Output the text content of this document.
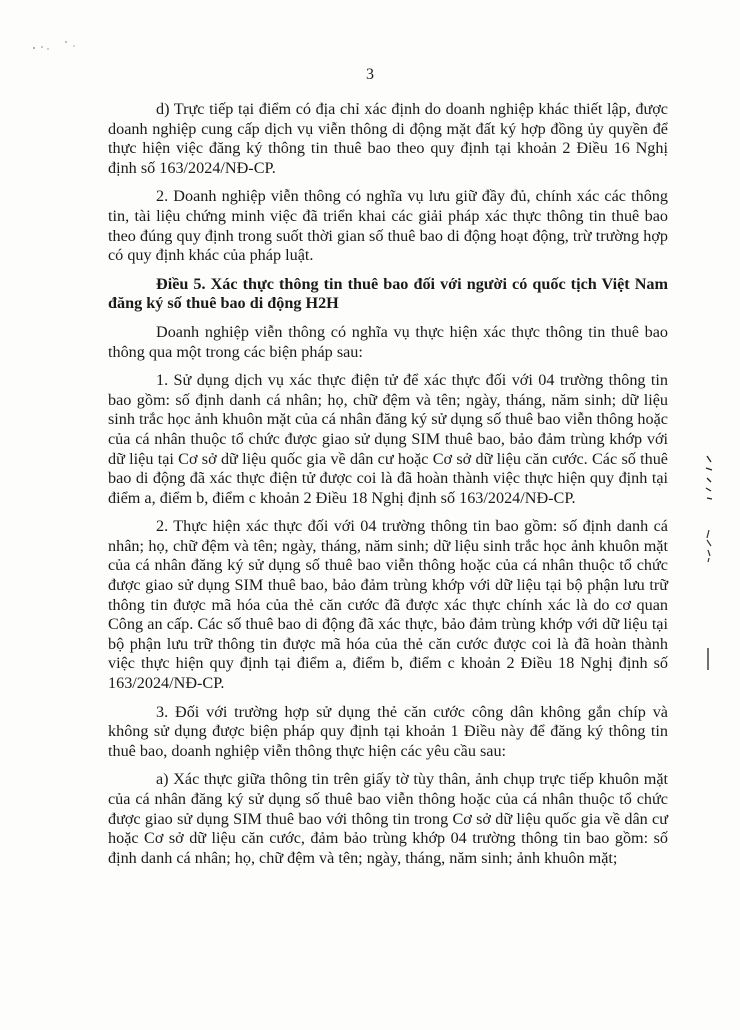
3

d) Trực tiếp tại điểm có địa chỉ xác định do doanh nghiệp khác thiết lập, được doanh nghiệp cung cấp dịch vụ viễn thông di động mặt đất ký hợp đồng ủy quyền để thực hiện việc đăng ký thông tin thuê bao theo quy định tại khoản 2 Điều 16 Nghị định số 163/2024/NĐ-CP.

2. Doanh nghiệp viễn thông có nghĩa vụ lưu giữ đầy đủ, chính xác các thông tin, tài liệu chứng minh việc đã triển khai các giải pháp xác thực thông tin thuê bao theo đúng quy định trong suốt thời gian số thuê bao di động hoạt động, trừ trường hợp có quy định khác của pháp luật.

Điều 5. Xác thực thông tin thuê bao đối với người có quốc tịch Việt Nam đăng ký số thuê bao di động H2H

Doanh nghiệp viễn thông có nghĩa vụ thực hiện xác thực thông tin thuê bao thông qua một trong các biện pháp sau:

1. Sử dụng dịch vụ xác thực điện tử để xác thực đối với 04 trường thông tin bao gồm: số định danh cá nhân; họ, chữ đệm và tên; ngày, tháng, năm sinh; dữ liệu sinh trắc học ảnh khuôn mặt của cá nhân đăng ký sử dụng số thuê bao viễn thông hoặc của cá nhân thuộc tổ chức được giao sử dụng SIM thuê bao, bảo đảm trùng khớp với dữ liệu tại Cơ sở dữ liệu quốc gia về dân cư hoặc Cơ sở dữ liệu căn cước. Các số thuê bao di động đã xác thực điện tử được coi là đã hoàn thành việc thực hiện quy định tại điểm a, điểm b, điểm c khoản 2 Điều 18 Nghị định số 163/2024/NĐ-CP.

2. Thực hiện xác thực đối với 04 trường thông tin bao gồm: số định danh cá nhân; họ, chữ đệm và tên; ngày, tháng, năm sinh; dữ liệu sinh trắc học ảnh khuôn mặt của cá nhân đăng ký sử dụng số thuê bao viễn thông hoặc của cá nhân thuộc tổ chức được giao sử dụng SIM thuê bao, bảo đảm trùng khớp với dữ liệu tại bộ phận lưu trữ thông tin được mã hóa của thẻ căn cước đã được xác thực chính xác là do cơ quan Công an cấp. Các số thuê bao di động đã xác thực, bảo đảm trùng khớp với dữ liệu tại bộ phận lưu trữ thông tin được mã hóa của thẻ căn cước được coi là đã hoàn thành việc thực hiện quy định tại điểm a, điểm b, điểm c khoản 2 Điều 18 Nghị định số 163/2024/NĐ-CP.

3. Đối với trường hợp sử dụng thẻ căn cước công dân không gắn chíp và không sử dụng được biện pháp quy định tại khoản 1 Điều này để đăng ký thông tin thuê bao, doanh nghiệp viễn thông thực hiện các yêu cầu sau:

a) Xác thực giữa thông tin trên giấy tờ tùy thân, ảnh chụp trực tiếp khuôn mặt của cá nhân đăng ký sử dụng số thuê bao viễn thông hoặc của cá nhân thuộc tổ chức được giao sử dụng SIM thuê bao với thông tin trong Cơ sở dữ liệu quốc gia về dân cư hoặc Cơ sở dữ liệu căn cước, đảm bảo trùng khớp 04 trường thông tin bao gồm: số định danh cá nhân; họ, chữ đệm và tên; ngày, tháng, năm sinh; ảnh khuôn mặt;
